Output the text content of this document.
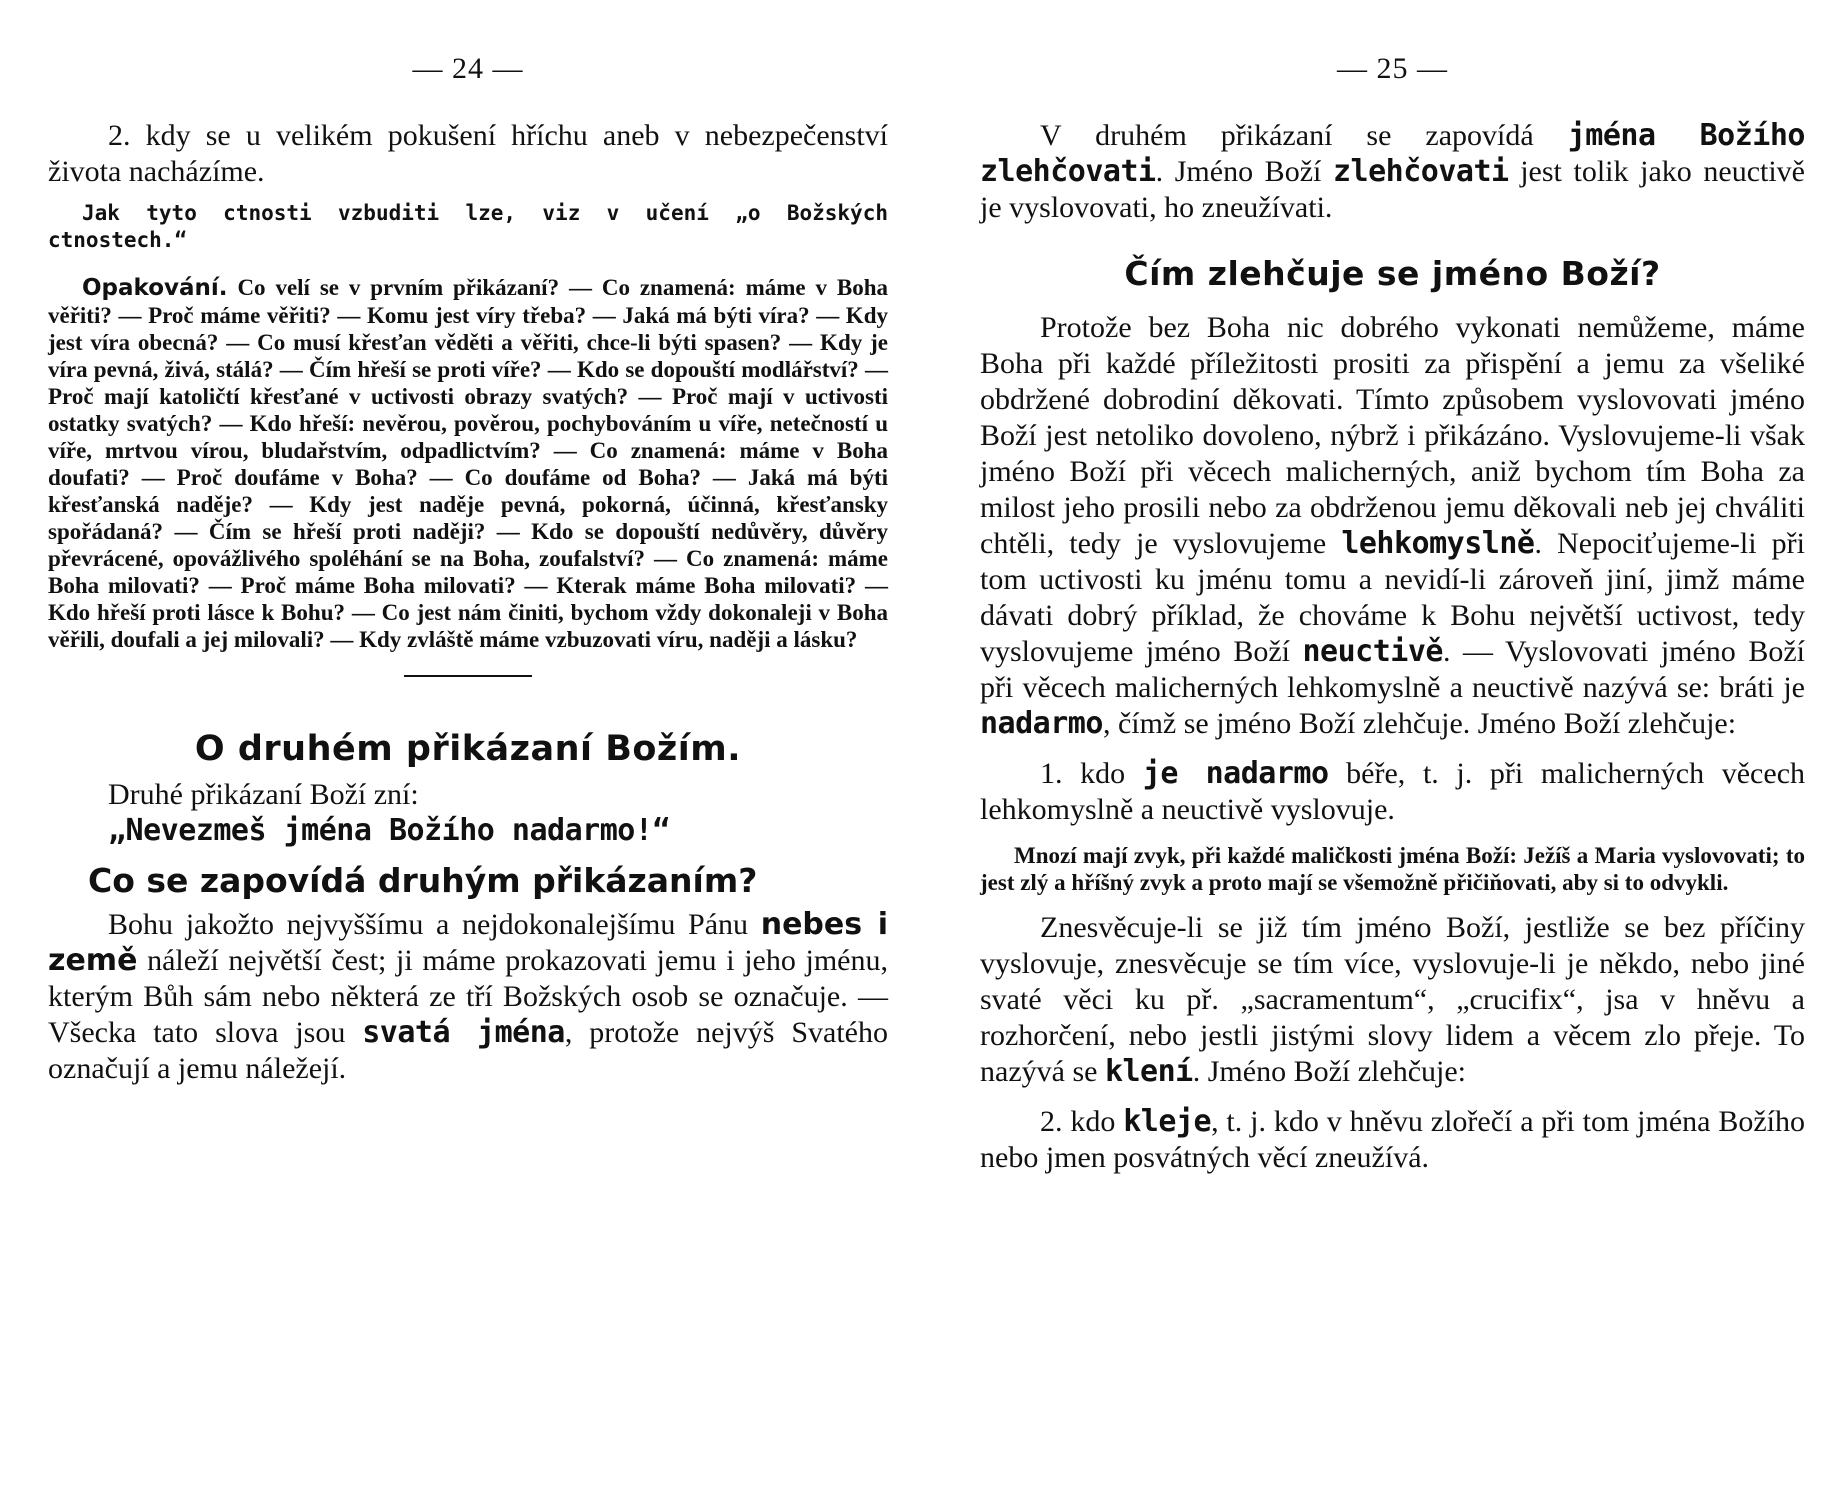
— 24 —

2. kdy se u velikém pokušení hříchu aneb v nebezpečenství života nacházíme.

Jak tyto ctnosti vzbuditi lze, viz v učení „o Božských ctnostech.“

Opakování. Co velí se v prvním přikázaní? — Co znamená: máme v Boha věřiti? — Proč máme věřiti? — Komu jest víry třeba? — Jaká má býti víra? — Kdy jest víra obecná? — Co musí křesťan věděti a věřiti, chce-li býti spasen? — Kdy je víra pevná, živá, stálá? — Čím hřeší se proti víře? — Kdo se dopouští modlářství? — Proč mají katoličtí křesťané v uctivosti obrazy svatých? — Proč mají v uctivosti ostatky svatých? — Kdo hřeší: nevěrou, pověrou, pochybováním u víře, netečností u víře, mrtvou vírou, bludařstvím, odpadlictvím? — Co znamená: máme v Boha doufati? — Proč doufáme v Boha? — Co doufáme od Boha? — Jaká má býti křesťanská naděje? — Kdy jest naděje pevná, pokorná, účinná, křesťansky spořádaná? — Čím se hřeší proti naději? — Kdo se dopouští nedůvěry, důvěry převrácené, opovážlivého spoléhání se na Boha, zoufalství? — Co znamená: máme Boha milovati? — Proč máme Boha milovati? — Kterak máme Boha milovati? — Kdo hřeší proti lásce k Bohu? — Co jest nám činiti, bychom vždy dokonaleji v Boha věřili, doufali a jej milovali? — Kdy zvláště máme vzbuzovati víru, naději a lásku?

O druhém přikázaní Božím.

Druhé přikázaní Boží zní:

„Nevezmeš jména Božího nadarmo!“

Co se zapovídá druhým přikázaním?

Bohu jakožto nejvyššímu a nejdokonalejšímu Pánu nebes i země náleží největší čest; ji máme prokazovati jemu i jeho jménu, kterým Bůh sám nebo některá ze tří Božských osob se označuje. — Všecka tato slova jsou svatá jména, protože nejvýš Svatého označují a jemu náležejí.

— 25 —

V druhém přikázaní se zapovídá jména Božího zlehčovati. Jméno Boží zlehčovati jest tolik jako neuctivě je vyslovovati, ho zneužívati.

Čím zlehčuje se jméno Boží?

Protože bez Boha nic dobrého vykonati nemůžeme, máme Boha při každé příležitosti prositi za přispění a jemu za všeliké obdržené dobrodiní děkovati. Tímto způsobem vyslovovati jméno Boží jest netoliko dovoleno, nýbrž i přikázáno. Vyslovujeme-li však jméno Boží při věcech malicherných, aniž bychom tím Boha za milost jeho prosili nebo za obdrženou jemu děkovali neb jej chváliti chtěli, tedy je vyslovujeme lehkomyslně. Nepociťujeme-li při tom uctivosti ku jménu tomu a nevidí-li zároveň jiní, jimž máme dávati dobrý příklad, že chováme k Bohu největší uctivost, tedy vyslovujeme jméno Boží neuctivě. — Vyslovovati jméno Boží při věcech malicherných lehkomyslně a neuctivě nazývá se: bráti je nadarmo, čímž se jméno Boží zlehčuje. Jméno Boží zlehčuje:

1. kdo je nadarmo béře, t. j. při malicherných věcech lehkomyslně a neuctivě vyslovuje.

Mnozí mají zvyk, při každé maličkosti jména Boží: Ježíš a Maria vyslovovati; to jest zlý a hříšný zvyk a proto mají se všemožně přičiňovati, aby si to odvykli.

Znesvěcuje-li se již tím jméno Boží, jestliže se bez příčiny vyslovuje, znesvěcuje se tím více, vyslovuje-li je někdo, nebo jiné svaté věci ku př. „sacramentum“, „crucifix“, jsa v hněvu a rozhorčení, nebo jestli jistými slovy lidem a věcem zlo přeje. To nazývá se klení. Jméno Boží zlehčuje:

2. kdo kleje, t. j. kdo v hněvu zlořečí a při tom jména Božího nebo jmen posvátných věcí zneužívá.
